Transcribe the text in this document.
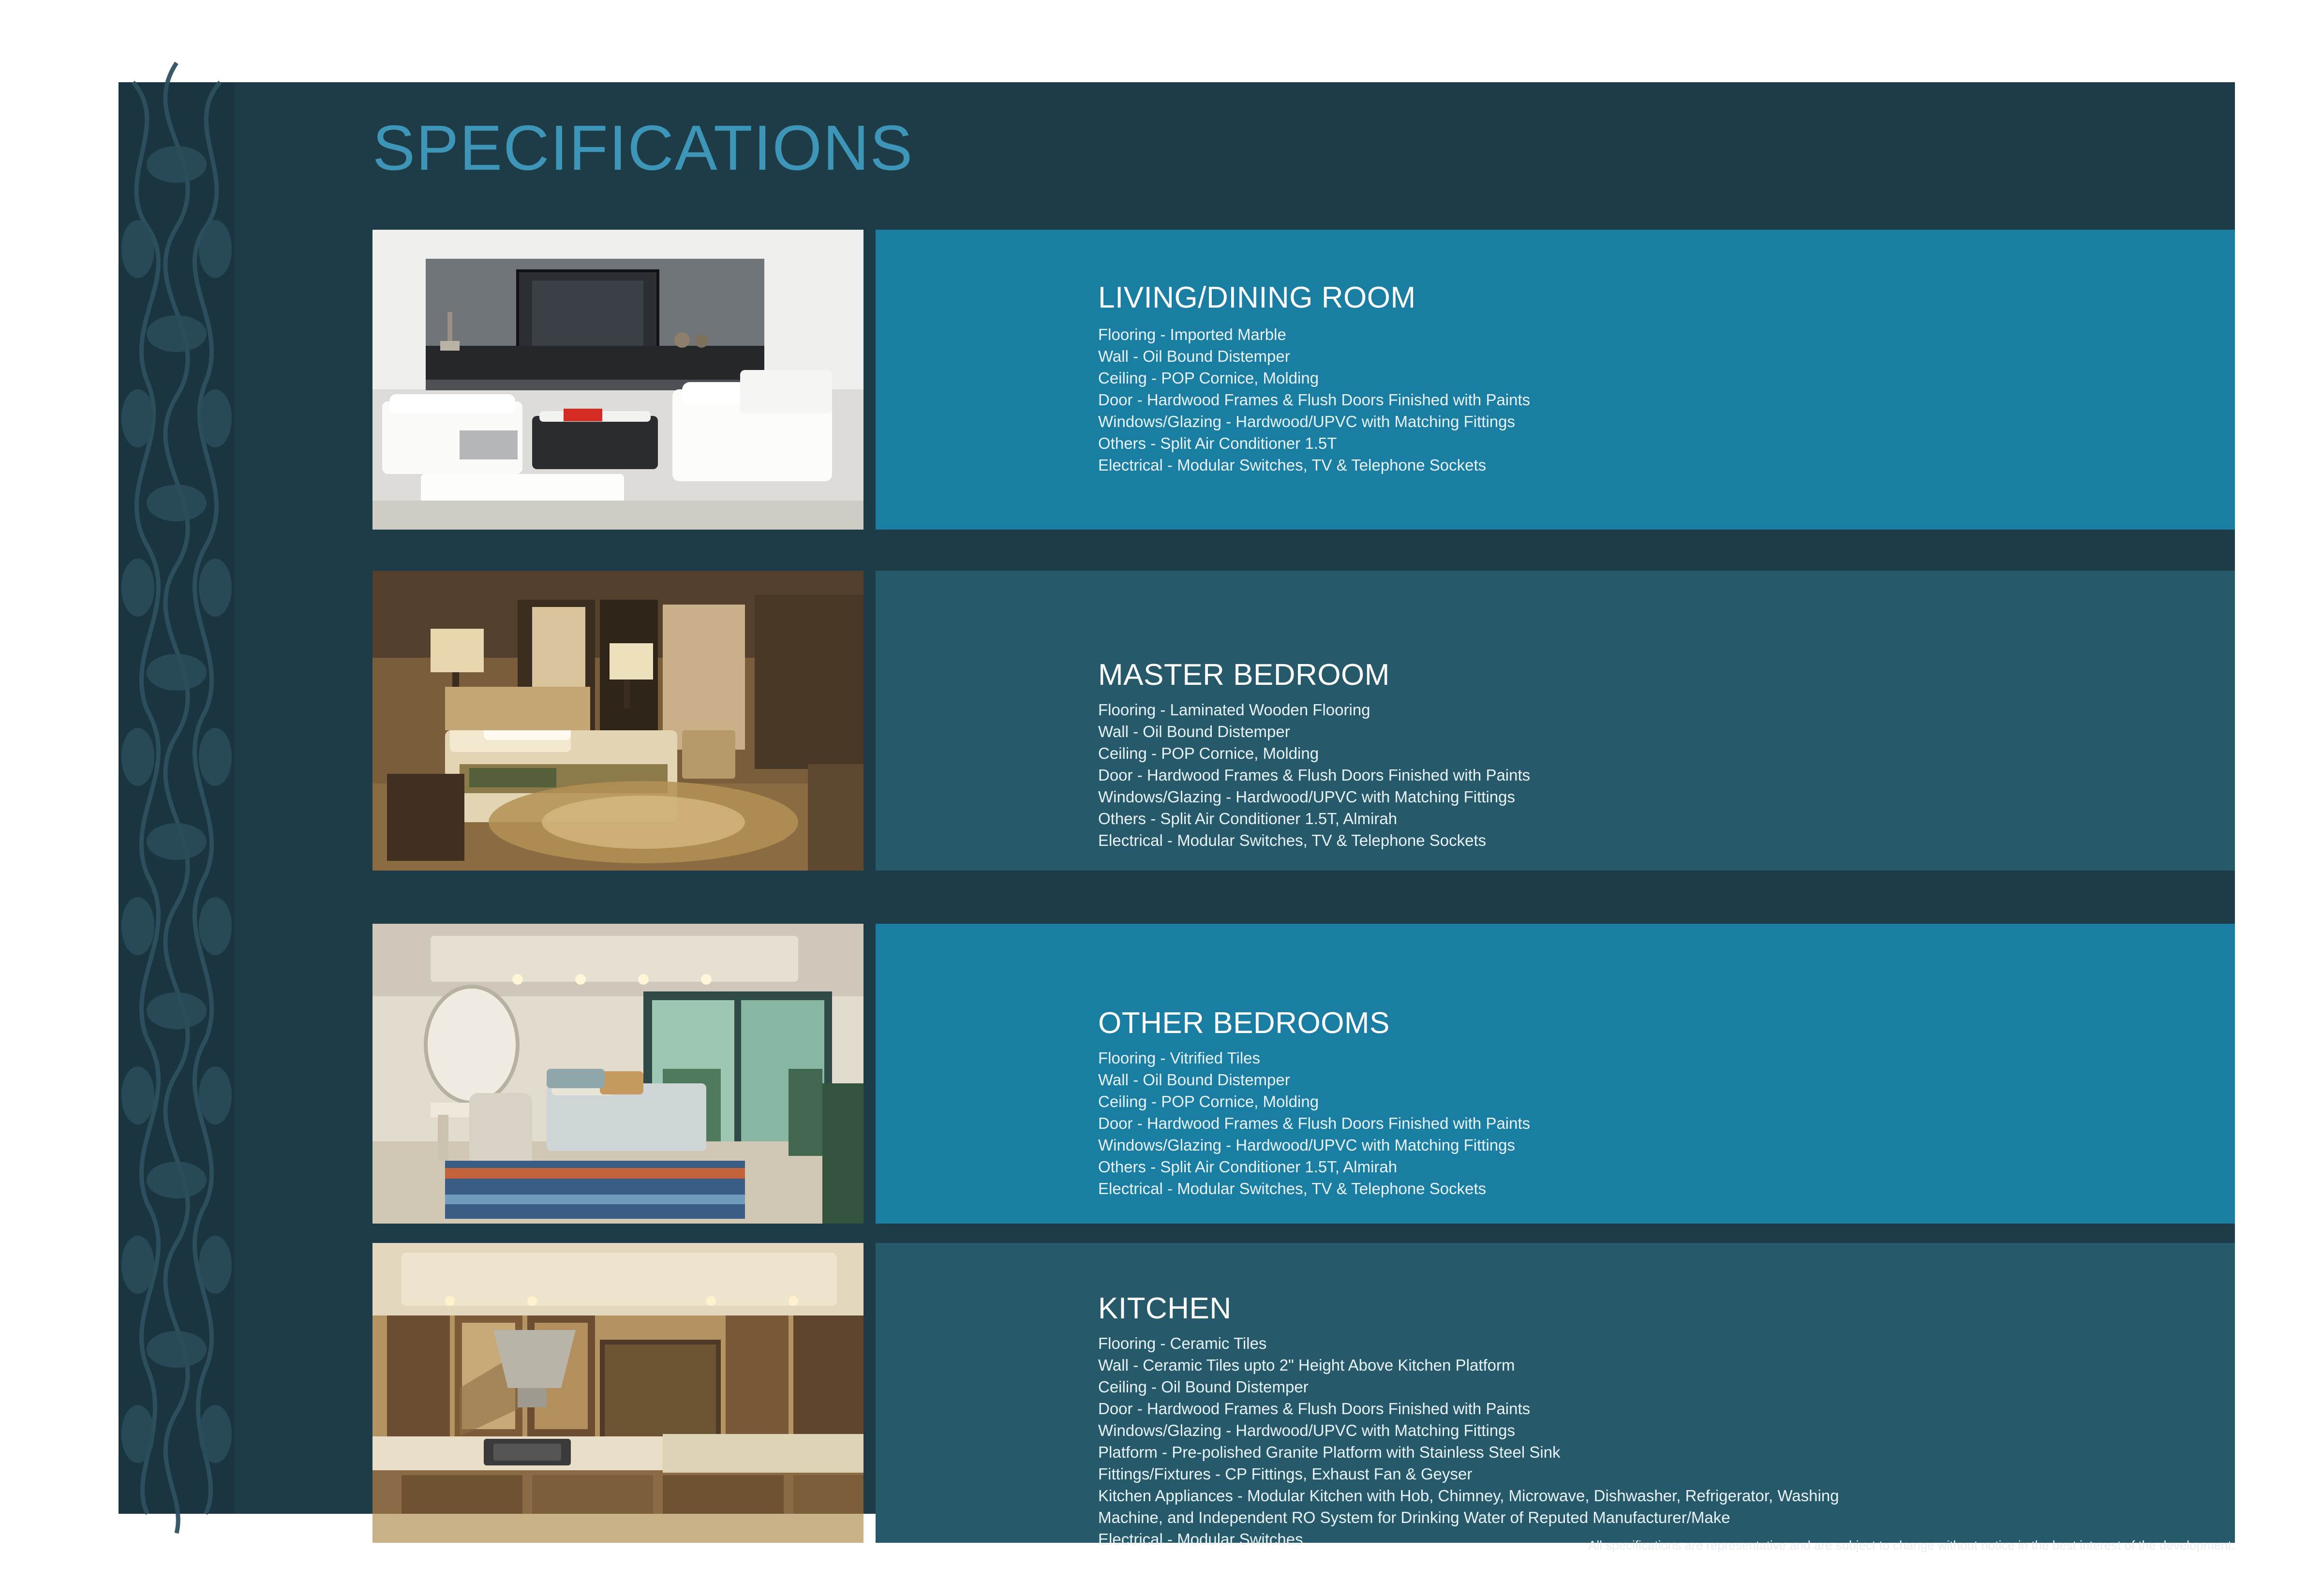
SPECIFICATIONS
LIVING/DINING ROOM
Flooring - Imported Marble
Wall - Oil Bound Distemper
Ceiling - POP Cornice, Molding
Door - Hardwood Frames & Flush Doors Finished with Paints
Windows/Glazing - Hardwood/UPVC with Matching Fittings
Others - Split Air Conditioner 1.5T
Electrical - Modular Switches, TV & Telephone Sockets
MASTER BEDROOM
Flooring - Laminated Wooden Flooring
Wall - Oil Bound Distemper
Ceiling - POP Cornice, Molding
Door - Hardwood Frames & Flush Doors Finished with Paints
Windows/Glazing - Hardwood/UPVC with Matching Fittings
Others - Split Air Conditioner 1.5T, Almirah
Electrical - Modular Switches, TV & Telephone Sockets
OTHER BEDROOMS
Flooring - Vitrified Tiles
Wall - Oil Bound Distemper
Ceiling - POP Cornice, Molding
Door - Hardwood Frames & Flush Doors Finished with Paints
Windows/Glazing - Hardwood/UPVC with Matching Fittings
Others - Split Air Conditioner 1.5T, Almirah
Electrical - Modular Switches, TV & Telephone Sockets
KITCHEN
Flooring - Ceramic Tiles
Wall - Ceramic Tiles upto 2" Height Above Kitchen Platform
Ceiling - Oil Bound Distemper
Door - Hardwood Frames & Flush Doors Finished with Paints
Windows/Glazing - Hardwood/UPVC with Matching Fittings
Platform - Pre-polished Granite Platform with Stainless Steel Sink
Fittings/Fixtures - CP Fittings, Exhaust Fan & Geyser
Kitchen Appliances - Modular Kitchen with Hob, Chimney, Microwave, Dishwasher, Refrigerator, Washing
Machine, and Independent RO System for Drinking Water of Reputed Manufacturer/Make
Electrical - Modular Switches	All specifications are representative and are subject to change without notice in the best interest of the development.
